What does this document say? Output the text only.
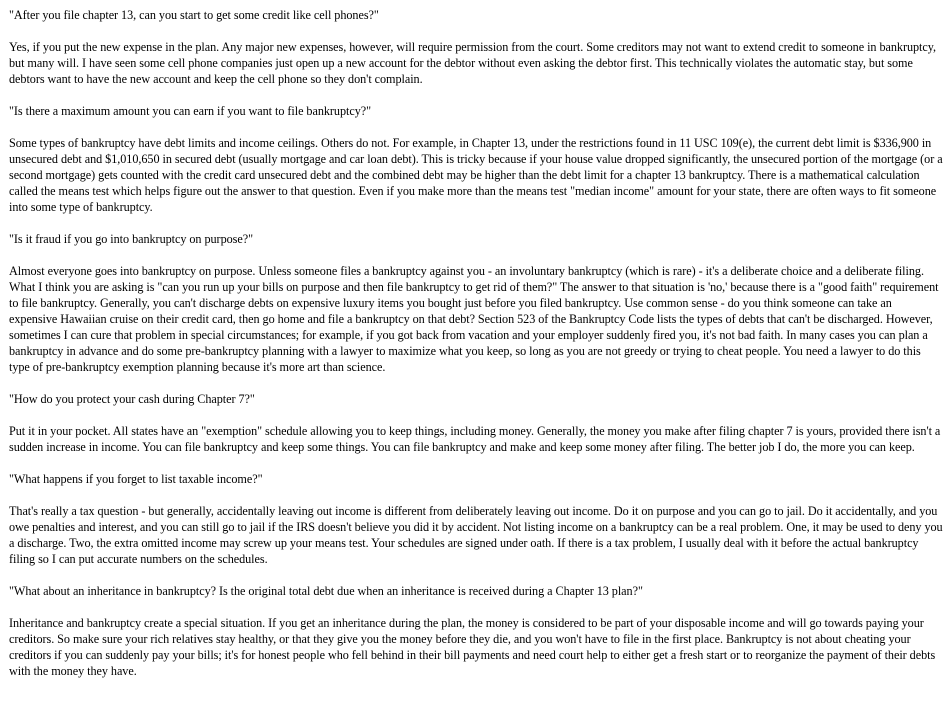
"After you file chapter 13, can you start to get some credit like cell phones?"

Yes, if you put the new expense in the plan. Any major new expenses, however, will require permission from the court. Some creditors may not want to extend credit to someone in bankruptcy, but many will. I have seen some cell phone companies just open up a new account for the debtor without even asking the debtor first. This technically violates the automatic stay, but some debtors want to have the new account and keep the cell phone so they don't complain.

"Is there a maximum amount you can earn if you want to file bankruptcy?"

Some types of bankruptcy have debt limits and income ceilings. Others do not. For example, in Chapter 13, under the restrictions found in 11 USC 109(e), the current debt limit is $336,900 in unsecured debt and $1,010,650 in secured debt (usually mortgage and car loan debt). This is tricky because if your house value dropped significantly, the unsecured portion of the mortgage (or a second mortgage) gets counted with the credit card unsecured debt and the combined debt may be higher than the debt limit for a chapter 13 bankruptcy. There is a mathematical calculation called the means test which helps figure out the answer to that question. Even if you make more than the means test "median income" amount for your state, there are often ways to fit someone into some type of bankruptcy.

"Is it fraud if you go into bankruptcy on purpose?"

Almost everyone goes into bankruptcy on purpose. Unless someone files a bankruptcy against you - an involuntary bankruptcy (which is rare) - it's a deliberate choice and a deliberate filing. What I think you are asking is "can you run up your bills on purpose and then file bankruptcy to get rid of them?" The answer to that situation is 'no,' because there is a "good faith" requirement to file bankruptcy. Generally, you can't discharge debts on expensive luxury items you bought just before you filed bankruptcy. Use common sense - do you think someone can take an expensive Hawaiian cruise on their credit card, then go home and file a bankruptcy on that debt? Section 523 of the Bankruptcy Code lists the types of debts that can't be discharged. However, sometimes I can cure that problem in special circumstances; for example, if you got back from vacation and your employer suddenly fired you, it's not bad faith. In many cases you can plan a bankruptcy in advance and do some pre-bankruptcy planning with a lawyer to maximize what you keep, so long as you are not greedy or trying to cheat people. You need a lawyer to do this type of pre-bankruptcy exemption planning because it's more art than science.

"How do you protect your cash during Chapter 7?"

Put it in your pocket. All states have an "exemption" schedule allowing you to keep things, including money. Generally, the money you make after filing chapter 7 is yours, provided there isn't a sudden increase in income. You can file bankruptcy and keep some things. You can file bankruptcy and make and keep some money after filing. The better job I do, the more you can keep.

"What happens if you forget to list taxable income?"

That's really a tax question - but generally, accidentally leaving out income is different from deliberately leaving out income. Do it on purpose and you can go to jail. Do it accidentally, and you owe penalties and interest, and you can still go to jail if the IRS doesn't believe you did it by accident. Not listing income on a bankruptcy can be a real problem. One, it may be used to deny you a discharge. Two, the extra omitted income may screw up your means test. Your schedules are signed under oath. If there is a tax problem, I usually deal with it before the actual bankruptcy filing so I can put accurate numbers on the schedules.

"What about an inheritance in bankruptcy? Is the original total debt due when an inheritance is received during a Chapter 13 plan?"

Inheritance and bankruptcy create a special situation. If you get an inheritance during the plan, the money is considered to be part of your disposable income and will go towards paying your creditors. So make sure your rich relatives stay healthy, or that they give you the money before they die, and you won't have to file in the first place. Bankruptcy is not about cheating your creditors if you can suddenly pay your bills; it's for honest people who fell behind in their bill payments and need court help to either get a fresh start or to reorganize the payment of their debts with the money they have.
